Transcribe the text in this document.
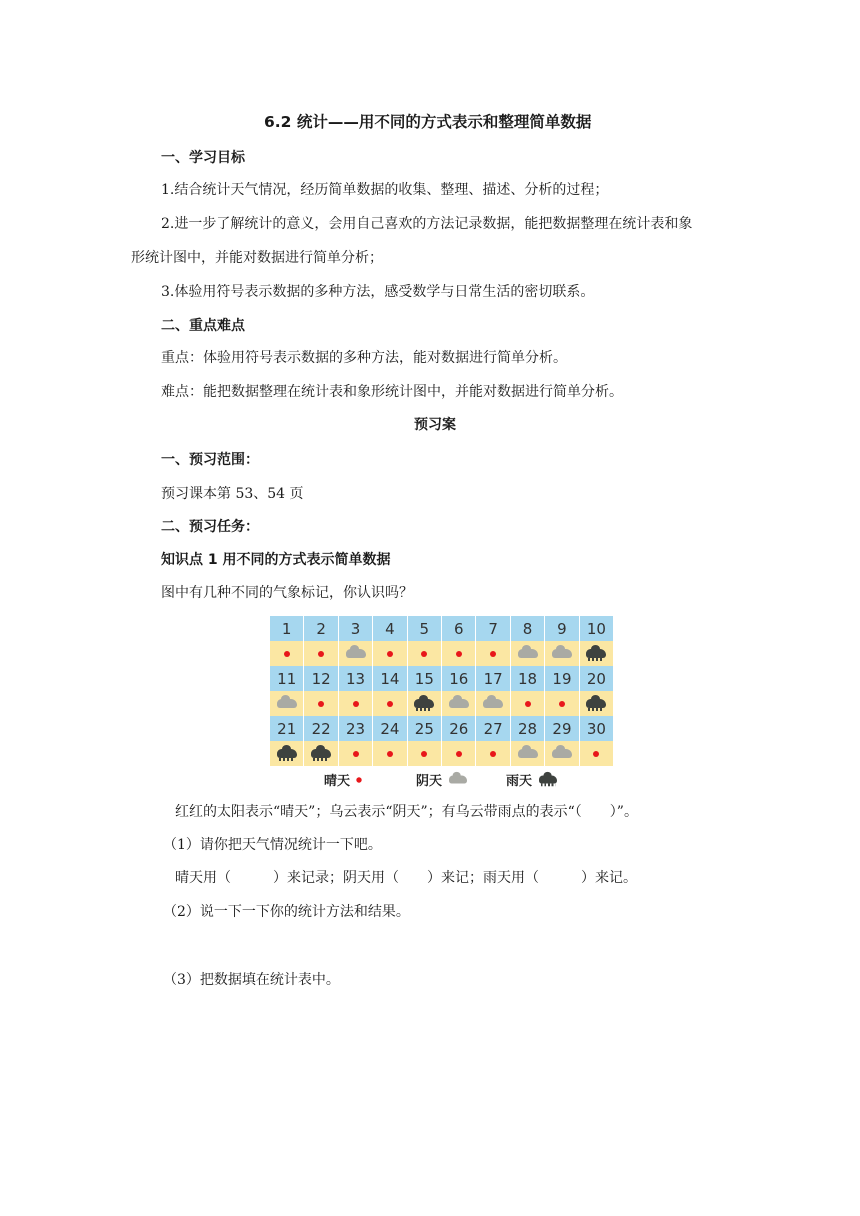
6.2 统计——用不同的方式表示和整理简单数据
一、学习目标
1.结合统计天气情况，经历简单数据的收集、整理、描述、分析的过程；
2.进一步了解统计的意义，会用自己喜欢的方法记录数据，能把数据整理在统计表和象
形统计图中，并能对数据进行简单分析；
3.体验用符号表示数据的多种方法，感受数学与日常生活的密切联系。
二、重点难点
重点：体验用符号表示数据的多种方法，能对数据进行简单分析。
难点：能把数据整理在统计表和象形统计图中，并能对数据进行简单分析。
预习案
一、预习范围：
预习课本第 53、54 页
二、预习任务：
知识点 1 用不同的方式表示简单数据
图中有几种不同的气象标记，你认识吗？
晴天	阴天	雨天
1 2 3 4 5 6 7 8 9 10
11 12 13 14 15 16 17 18 19 20
21 22 23 24 25 26 27 28 29 30
红红的太阳表示“晴天”；乌云表示“阴天”；有乌云带雨点的表示“（　　）”。
（1）请你把天气情况统计一下吧。
晴天用（　　　）来记录；阴天用（　　）来记；雨天用（　　　）来记。
（2）说一下一下你的统计方法和结果。
（3）把数据填在统计表中。
